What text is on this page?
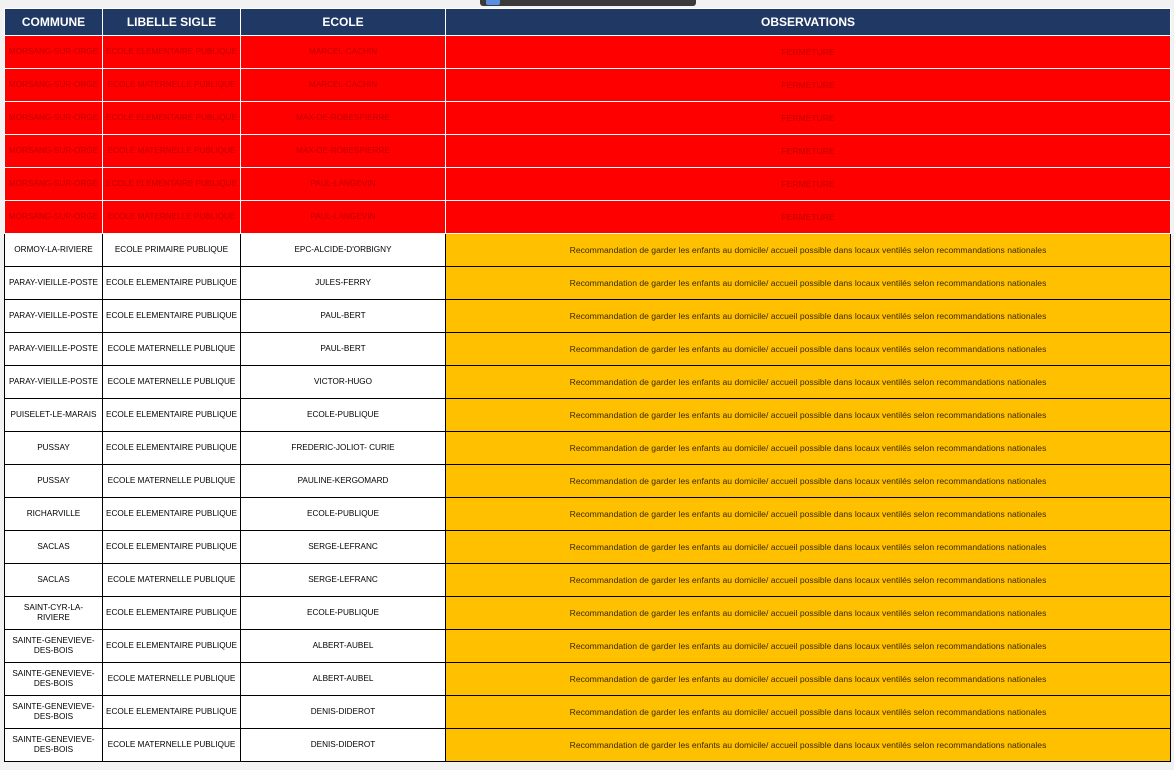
COMMUNE	LIBELLE SIGLE	ECOLE	OBSERVATIONS
MORSANG-SUR-ORGE	ECOLE ELEMENTAIRE PUBLIQUE	MARCEL-CACHIN	FERMETURE
MORSANG-SUR-ORGE	ECOLE MATERNELLE PUBLIQUE	MARCEL-CACHIN	FERMETURE
MORSANG-SUR-ORGE	ECOLE ELEMENTAIRE PUBLIQUE	MAX-DE-ROBESPIERRE	FERMETURE
MORSANG-SUR-ORGE	ECOLE MATERNELLE PUBLIQUE	MAX-DE-ROBESPIERRE	FERMETURE
MORSANG-SUR-ORGE	ECOLE ELEMENTAIRE PUBLIQUE	PAUL-LANGEVIN	FERMETURE
MORSANG-SUR-ORGE	ECOLE MATERNELLE PUBLIQUE	PAUL-LANGEVIN	FERMETURE
ORMOY-LA-RIVIERE	ECOLE PRIMAIRE PUBLIQUE	EPC-ALCIDE-D'ORBIGNY	Recommandation de garder les enfants au domicile/ accueil possible dans locaux ventilés selon recommandations nationales
PARAY-VIEILLE-POSTE	ECOLE ELEMENTAIRE PUBLIQUE	JULES-FERRY	Recommandation de garder les enfants au domicile/ accueil possible dans locaux ventilés selon recommandations nationales
PARAY-VIEILLE-POSTE	ECOLE ELEMENTAIRE PUBLIQUE	PAUL-BERT	Recommandation de garder les enfants au domicile/ accueil possible dans locaux ventilés selon recommandations nationales
PARAY-VIEILLE-POSTE	ECOLE MATERNELLE PUBLIQUE	PAUL-BERT	Recommandation de garder les enfants au domicile/ accueil possible dans locaux ventilés selon recommandations nationales
PARAY-VIEILLE-POSTE	ECOLE MATERNELLE PUBLIQUE	VICTOR-HUGO	Recommandation de garder les enfants au domicile/ accueil possible dans locaux ventilés selon recommandations nationales
PUISELET-LE-MARAIS	ECOLE ELEMENTAIRE PUBLIQUE	ECOLE-PUBLIQUE	Recommandation de garder les enfants au domicile/ accueil possible dans locaux ventilés selon recommandations nationales
PUSSAY	ECOLE ELEMENTAIRE PUBLIQUE	FREDERIC-JOLIOT- CURIE	Recommandation de garder les enfants au domicile/ accueil possible dans locaux ventilés selon recommandations nationales
PUSSAY	ECOLE MATERNELLE PUBLIQUE	PAULINE-KERGOMARD	Recommandation de garder les enfants au domicile/ accueil possible dans locaux ventilés selon recommandations nationales
RICHARVILLE	ECOLE ELEMENTAIRE PUBLIQUE	ECOLE-PUBLIQUE	Recommandation de garder les enfants au domicile/ accueil possible dans locaux ventilés selon recommandations nationales
SACLAS	ECOLE ELEMENTAIRE PUBLIQUE	SERGE-LEFRANC	Recommandation de garder les enfants au domicile/ accueil possible dans locaux ventilés selon recommandations nationales
SACLAS	ECOLE MATERNELLE PUBLIQUE	SERGE-LEFRANC	Recommandation de garder les enfants au domicile/ accueil possible dans locaux ventilés selon recommandations nationales
SAINT-CYR-LA-RIVIERE	ECOLE ELEMENTAIRE PUBLIQUE	ECOLE-PUBLIQUE	Recommandation de garder les enfants au domicile/ accueil possible dans locaux ventilés selon recommandations nationales
SAINTE-GENEVIEVE-DES-BOIS	ECOLE ELEMENTAIRE PUBLIQUE	ALBERT-AUBEL	Recommandation de garder les enfants au domicile/ accueil possible dans locaux ventilés selon recommandations nationales
SAINTE-GENEVIEVE-DES-BOIS	ECOLE MATERNELLE PUBLIQUE	ALBERT-AUBEL	Recommandation de garder les enfants au domicile/ accueil possible dans locaux ventilés selon recommandations nationales
SAINTE-GENEVIEVE-DES-BOIS	ECOLE ELEMENTAIRE PUBLIQUE	DENIS-DIDEROT	Recommandation de garder les enfants au domicile/ accueil possible dans locaux ventilés selon recommandations nationales
SAINTE-GENEVIEVE-DES-BOIS	ECOLE MATERNELLE PUBLIQUE	DENIS-DIDEROT	Recommandation de garder les enfants au domicile/ accueil possible dans locaux ventilés selon recommandations nationales
